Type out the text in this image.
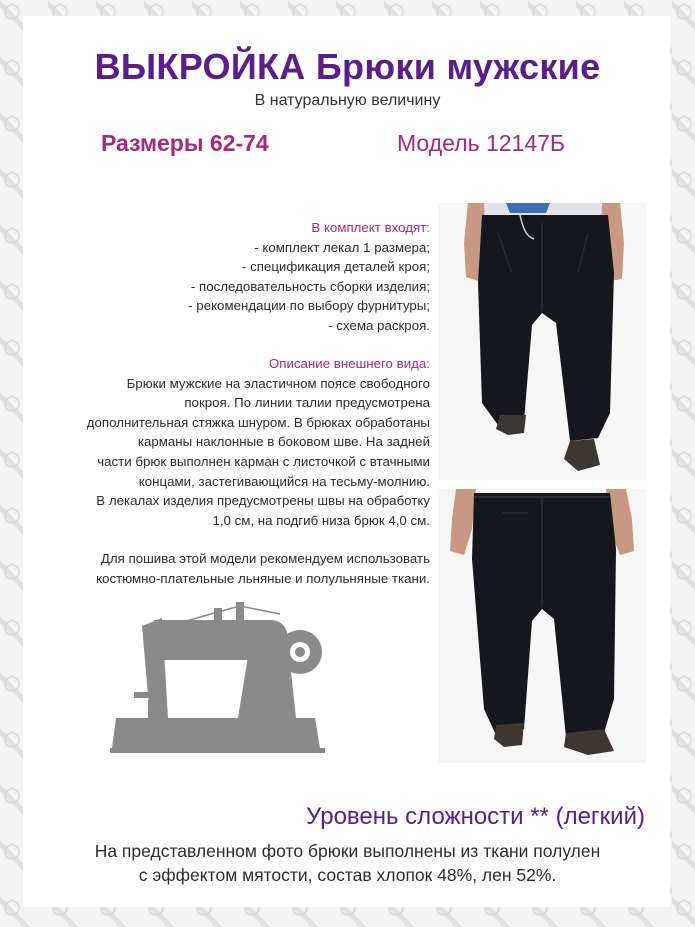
ВЫКРОЙКА Брюки мужские
В натуральную величину
Размеры 62-74	Модель 12147Б
В комплект входят:
- комплект лекал 1 размера;
- спецификация деталей кроя;
- последовательность сборки изделия;
- рекомендации по выбору фурнитуры;
- схема раскроя.
Описание внешнего вида:
Брюки мужские на эластичном поясе свободного
покроя. По линии талии предусмотрена
дополнительная стяжка шнуром. В брюках обработаны
карманы наклонные в боковом шве. На задней
части брюк выполнен карман с листочкой с втачными
концами, застегивающийся на тесьму-молнию.
В лекалах изделия предусмотрены швы на обработку
1,0 см, на подгиб низа брюк 4,0 см.
Для пошива этой модели рекомендуем использовать
костюмно-плательные льняные и полульняные ткани.
Уровень сложности ** (легкий)
На представленном фото брюки выполнены из ткани полулен
с эффектом мятости, состав хлопок 48%, лен 52%.
